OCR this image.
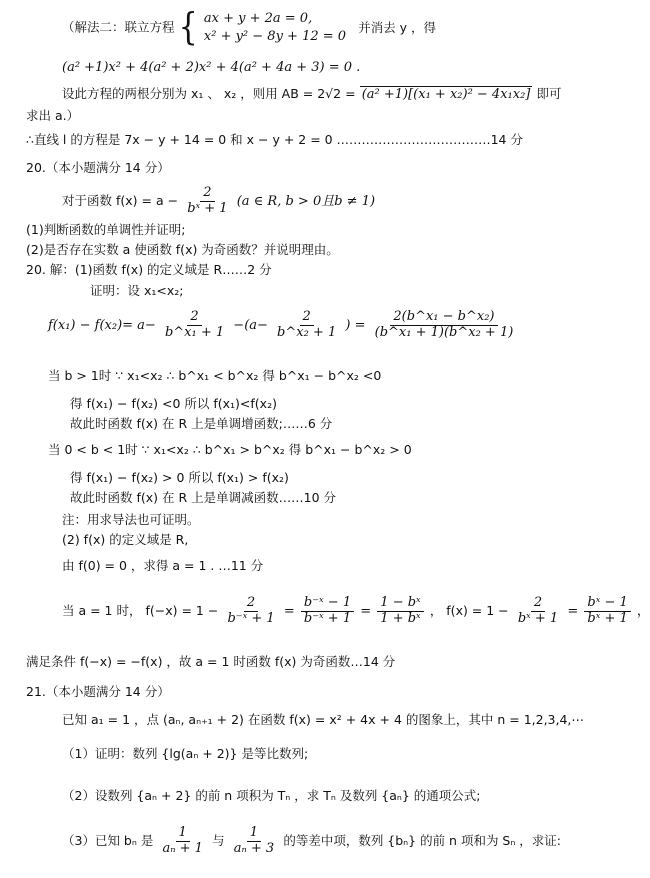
（解法二：联立方程 { ax + y + 2a = 0,
x² + y² − 8y + 12 = 0
并消去 y ，得
(a² +1)x² + 4(a² + 2)x² + 4(a² + 4a + 3) = 0 .
设此方程的两根分别为 x₁ 、 x₂ ，则用 AB = 2√2 = (a² +1)[(x₁ + x₂)² − 4x₁x₂] 即可
求出 a.）
∴直线 l 的方程是 7x − y + 14 = 0 和 x − y + 2 = 0 .………………………………14 分
20.（本小题满分 14 分）
对于函数 $f(x) = a - \frac{2}{\text{bˣ + 1}} (a$ ∈ R, b > 0且b ≠ 1)
(1)判断函数的单调性并证明;
(2)是否存在实数 a 使函数 f(x) 为奇函数？并说明理由。
20. 解：(1)函数 f(x) 的定义域是 R……2 分
证明：设 x₁<x₂;
$f(x_1) - f(x_2)= a- \frac{2}{\text{b\textasciicircum{}x₁ + 1}} -(a- \frac{2}{\text{b\textasciicircum{}x₂ + 1}}$ ) = $\frac{\text{2(b\textasciicircum{}x₁ − b\textasciicircum{}x₂)}}{\text{(b\textasciicircum{}x₁ + 1)(b\textasciicircum{}x₂ + 1)}}$
当 b > 1时 ∵ x₁<x₂ ∴ b^x₁ < b^x₂ 得 b^x₁ − b^x₂ <0
得 f(x₁) − f(x₂) <0 所以 f(x₁)<f(x₂)
故此时函数 f(x) 在 R 上是单调增函数;……6 分
当 0 < b < 1时 ∵ x₁<x₂ ∴ b^x₁ > b^x₂ 得 b^x₁ − b^x₂ > 0
得 f(x₁) − f(x₂) > 0 所以 f(x₁) > f(x₂)
故此时函数 f(x) 在 R 上是单调减函数……10 分
注：用求导法也可证明。
(2) f(x) 的定义域是 R,
由 f(0) = 0 ，求得 a = 1 . …11 分
当 a = 1 时， $f(-x) = 1 - \frac{2}{\text{b⁻ˣ + 1}} = \frac{\text{b⁻ˣ − 1}}{\text{b⁻ˣ + 1}} = \frac{\text{1 − bˣ}}{\text{1 + bˣ}}$ ， $f(x) = 1 - \frac{2}{\text{bˣ + 1}} = \frac{\text{bˣ − 1}}{\text{bˣ + 1}}$ ，
满足条件 f(−x) = −f(x) ，故 a = 1 时函数 f(x) 为奇函数…14 分
21.（本小题满分 14 分）
已知 a₁ = 1 ，点 (aₙ, aₙ₊₁ + 2) 在函数 f(x) = x² + 4x + 4 的图象上，其中 n = 1,2,3,4,⋯
（1）证明：数列 {lg(aₙ + 2)} 是等比数列;
（2）设数列 {aₙ + 2} 的前 n 项积为 Tₙ ，求 Tₙ 及数列 {aₙ} 的通项公式;
（3）已知 bₙ 是 $\frac{1}{\text{aₙ + 1}}$ 与 $\frac{1}{\text{aₙ + 3}}$ 的等差中项，数列 {bₙ} 的前 n 项和为 Sₙ ，求证:
